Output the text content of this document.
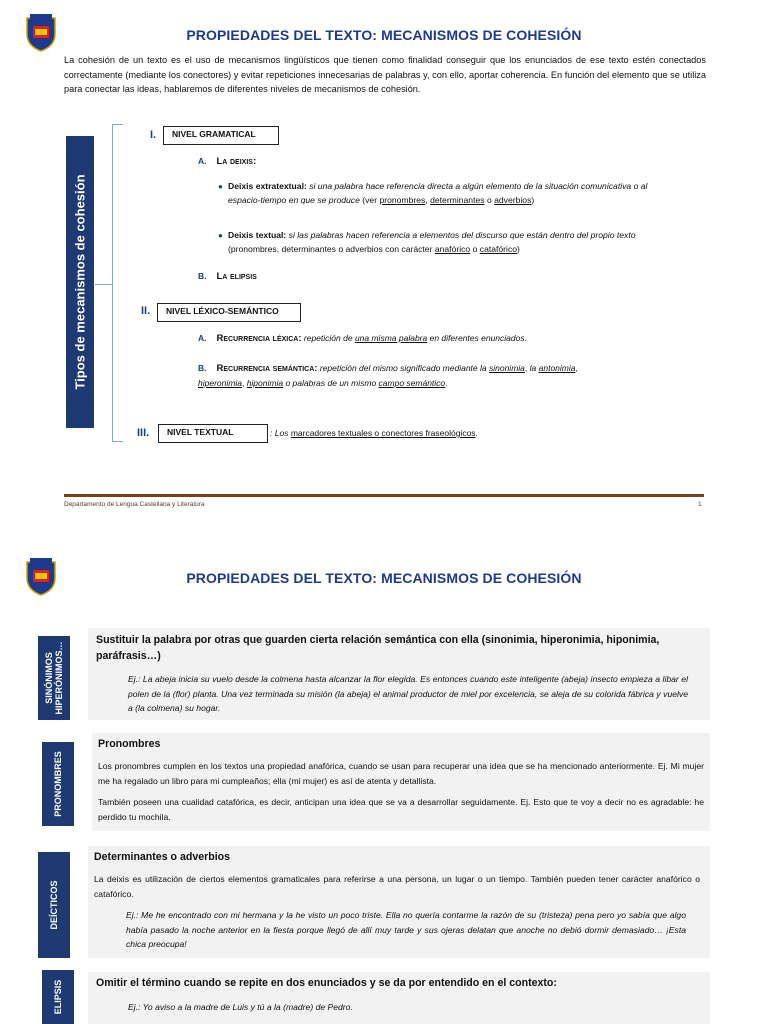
PROPIEDADES DEL TEXTO: MECANISMOS DE COHESIÓN
La cohesión de un texto es el uso de mecanismos lingüísticos que tienen como finalidad conseguir que los enunciados de ese texto estén conectados correctamente (mediante los conectores) y evitar repeticiones innecesarias de palabras y, con ello, aportar coherencia. En función del elemento que se utiliza para conectar las ideas, hablaremos de diferentes niveles de mecanismos de cohesión.
Tipos de mecanismos de cohesión
I.	NIVEL GRAMATICAL
A. La deixis:
● Deixis extratextual: si una palabra hace referencia directa a algún elemento de la situación comunicativa o al espacio-tiempo en que se produce (ver pronombres, determinantes o adverbios)
● Deixis textual: si las palabras hacen referencia a elementos del discurso que están dentro del propio texto (pronombres, determinantes o adverbios con carácter anafórico o catafórico)
B. La elipsis
II.	NIVEL LÉXICO-SEMÁNTICO
A. Recurrencia léxica: repetición de una misma palabra en diferentes enunciados.
B. Recurrencia semántica: repetición del mismo significado mediante la sinonimia, la antonimia, hiperonimia, hiponimia o palabras de un mismo campo semántico.
III.	NIVEL TEXTUAL	: Los marcadores textuales o conectores fraseológicos.
Departamento de Lengua Castellana y Literatura	1
PROPIEDADES DEL TEXTO: MECANISMOS DE COHESIÓN
SINÓNIMOS HIPERÓNIMOS…
Sustituir la palabra por otras que guarden cierta relación semántica con ella (sinonimia, hiperonimia, hiponimia, paráfrasis…)
Ej.: La abeja inicia su vuelo desde la colmena hasta alcanzar la flor elegida. Es entonces cuando este inteligente (abeja) insecto empieza a libar el polen de la (flor) planta. Una vez terminada su misión (la abeja) el animal productor de miel por excelencia, se aleja de su colorida fábrica y vuelve a (la colmena) su hogar.
PRONOMBRES
Pronombres
Los pronombres cumplen en los textos una propiedad anafórica, cuando se usan para recuperar una idea que se ha mencionado anteriormente. Ej. Mi mujer me ha regalado un libro para mi cumpleaños; ella (mi mujer) es así de atenta y detallista.
También poseen una cualidad catafórica, es decir, anticipan una idea que se va a desarrollar seguidamente. Ej. Esto que te voy a decir no es agradable: he perdido tu mochila.
DEÍCTICOS
Determinantes o adverbios
La deixis es utilización de ciertos elementos gramaticales para referirse a una persona, un lugar o un tiempo. También pueden tener carácter anafórico o catafórico.
Ej.: Me he encontrado con mi hermana y la he visto un poco triste. Ella no quería contarme la razón de su (tristeza) pena pero yo sabía que algo había pasado la noche anterior en la fiesta porque llegó de allí muy tarde y sus ojeras delatan que anoche no debió dormir demasiado… ¡Esta chica preocupa!
ELIPSIS	Omitir el término cuando se repite en dos enunciados y se da por entendido en el contexto:
Ej.: Yo aviso a la madre de Luis y tú a la (madre) de Pedro.
